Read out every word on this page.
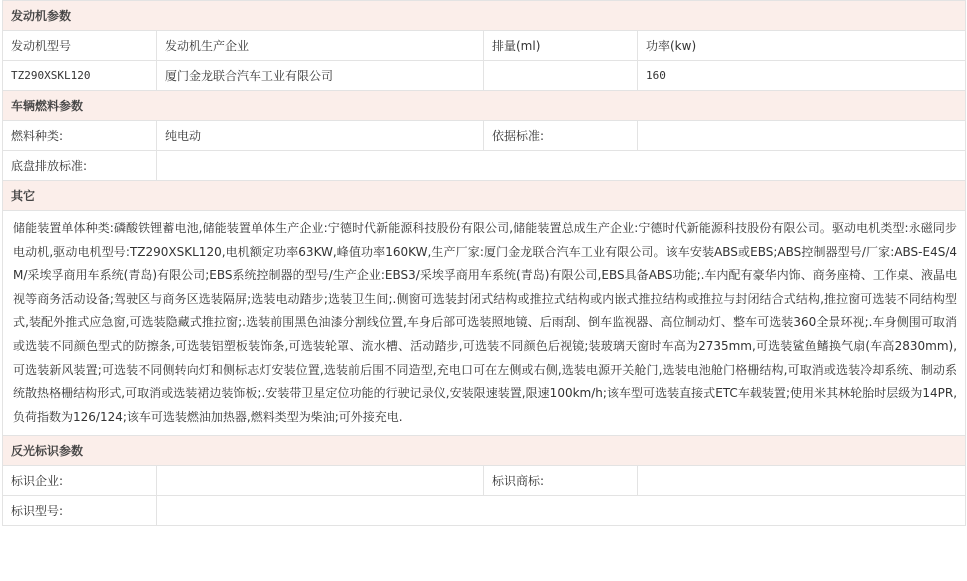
发动机参数			
发动机型号	发动机生产企业	排量(ml)	功率(kw)
TZ290XSKL120	厦门金龙联合汽车工业有限公司		160
车辆燃料参数			
燃料种类:	纯电动	依据标准:	
底盘排放标准:			
其它			
储能装置单体种类:磷酸铁锂蓄电池,储能装置单体生产企业:宁德时代新能源科技股份有限公司,储能装置总成生产企业:宁德时代新能源科技股份有限公司。驱动电机类型:永磁同步电动机,驱动电机型号:TZ290XSKL120,电机额定功率63KW,峰值功率160KW,生产厂家:厦门金龙联合汽车工业有限公司。该车安装ABS或EBS;ABS控制器型号/厂家:ABS-E4S/4M/采埃孚商用车系统(青岛)有限公司;EBS系统控制器的型号/生产企业:EBS3/采埃孚商用车系统(青岛)有限公司,EBS具备ABS功能;.车内配有豪华内饰、商务座椅、工作桌、液晶电视等商务活动设备;驾驶区与商务区选装隔屏;选装电动踏步;选装卫生间;.侧窗可选装封闭式结构或推拉式结构或内嵌式推拉结构或推拉与封闭结合式结构,推拉窗可选装不同结构型式,装配外推式应急窗,可选装隐藏式推拉窗;.选装前围黑色油漆分割线位置,车身后部可选装照地镜、后雨刮、倒车监视器、高位制动灯、整车可选装360全景环视;.车身侧围可取消或选装不同颜色型式的防擦条,可选装铝塑板装饰条,可选装轮罩、流水槽、活动踏步,可选装不同颜色后视镜;装玻璃天窗时车高为2735mm,可选装鲨鱼鳍换气扇(车高2830mm),可选装新风装置;可选装不同侧转向灯和侧标志灯安装位置,选装前后围不同造型,充电口可在左侧或右侧,选装电源开关舱门,选装电池舱门格栅结构,可取消或选装冷却系统、制动系统散热格栅结构形式,可取消或选装裙边装饰板;.安装带卫星定位功能的行驶记录仪,安装限速装置,限速100km/h;该车型可选装直接式ETC车载装置;使用米其林轮胎时层级为14PR,负荷指数为126/124;该车可选装燃油加热器,燃料类型为柴油;可外接充电.			
反光标识参数			
标识企业:		标识商标:	
标识型号:			
